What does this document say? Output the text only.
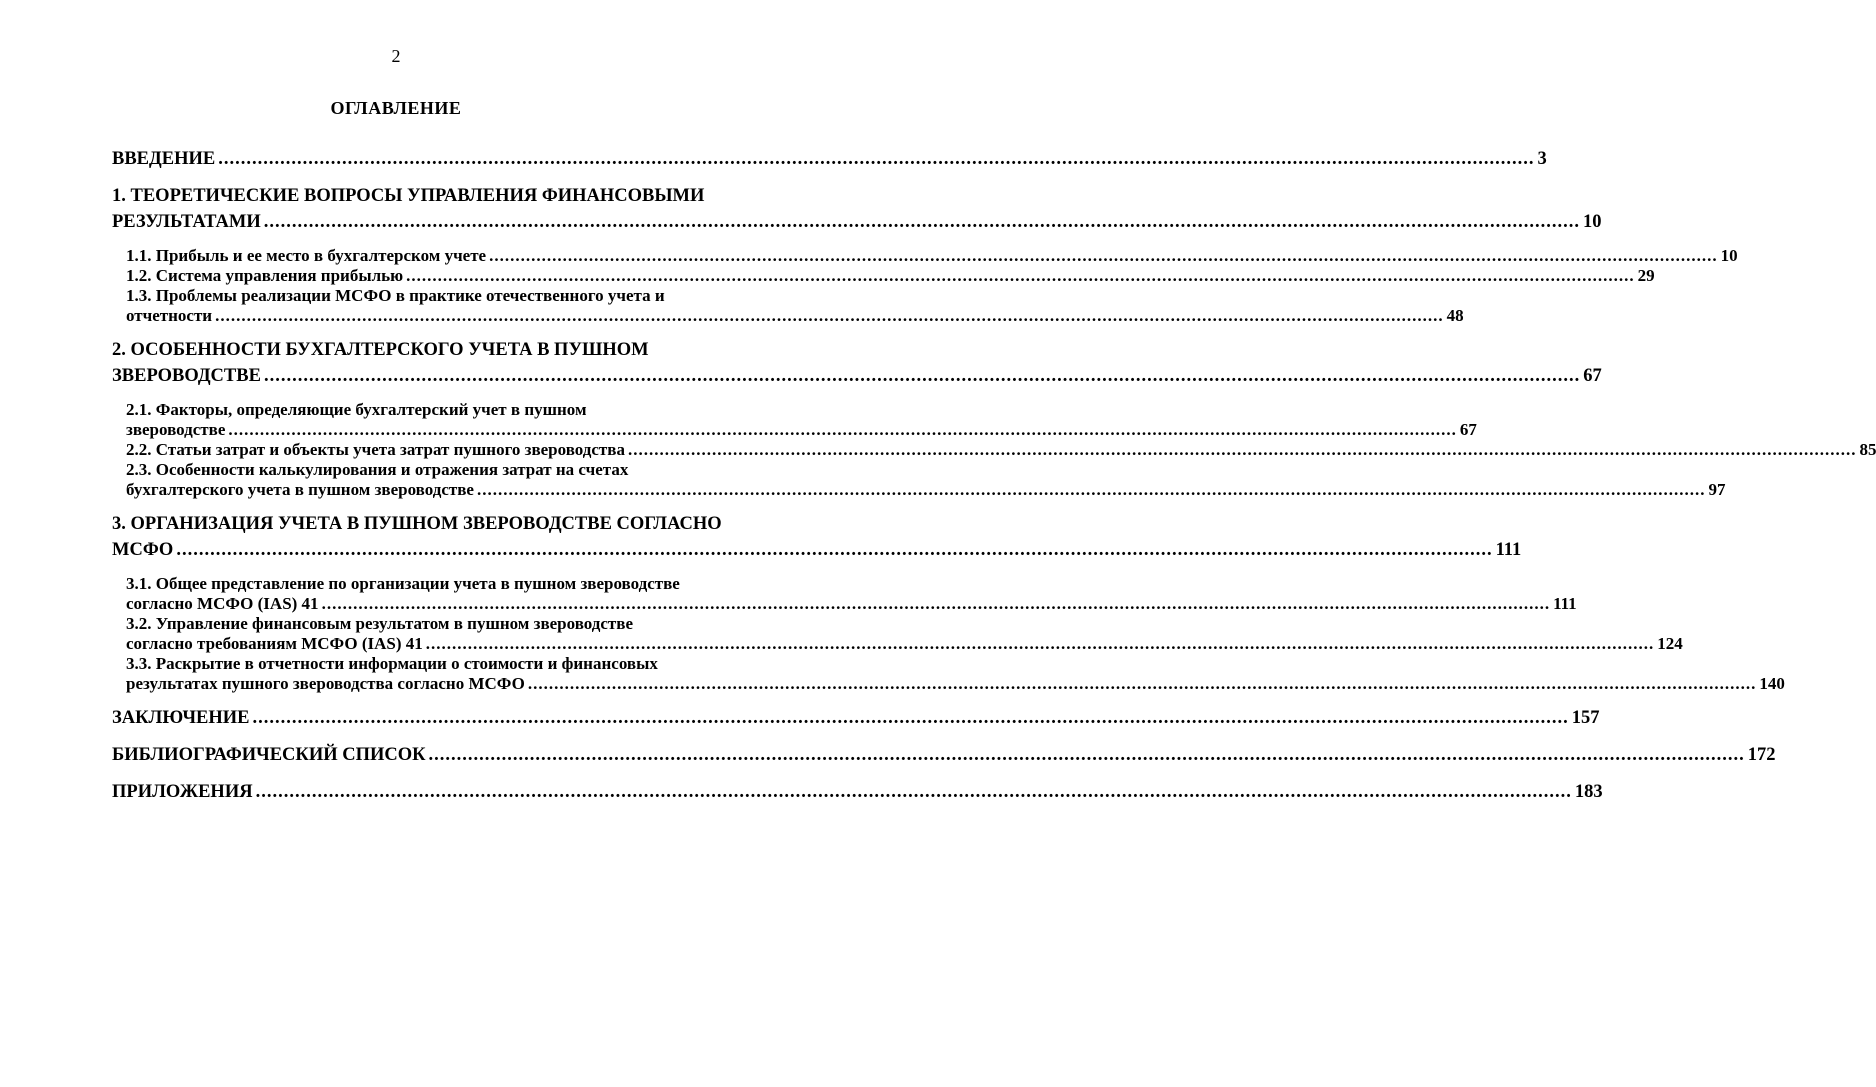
2
ОГЛАВЛЕНИЕ
ВВЕДЕНИЕ .....	3
1. ТЕОРЕТИЧЕСКИЕ ВОПРОСЫ УПРАВЛЕНИЯ ФИНАНСОВЫМИ
РЕЗУЛЬТАТАМИ .....	10
1.1. Прибыль и ее место в бухгалтерском учете .....	10
1.2. Система управления прибылью .....	29
1.3. Проблемы реализации МСФО в практике отечественного учета и
отчетности .....	48
2. ОСОБЕННОСТИ БУХГАЛТЕРСКОГО УЧЕТА В ПУШНОМ
ЗВЕРОВОДСТВЕ .....	67
2.1. Факторы, определяющие бухгалтерский учет в пушном
звероводстве .....	67
2.2. Статьи затрат и объекты учета затрат пушного звероводства .....	85
2.3. Особенности калькулирования и отражения затрат на счетах
бухгалтерского учета в пушном звероводстве .....	97
3. ОРГАНИЗАЦИЯ УЧЕТА В ПУШНОМ ЗВЕРОВОДСТВЕ СОГЛАСНО
МСФО .....	111
3.1. Общее представление по организации учета в пушном звероводстве
согласно МСФО (IAS) 41 .....	111
3.2. Управление финансовым результатом в пушном звероводстве
согласно требованиям МСФО (IAS) 41 .....	124
3.3. Раскрытие в отчетности информации о стоимости и финансовых
результатах пушного звероводства согласно МСФО .....	140
ЗАКЛЮЧЕНИЕ .....	157
БИБЛИОГРАФИЧЕСКИЙ СПИСОК .....	172
ПРИЛОЖЕНИЯ .....	183
